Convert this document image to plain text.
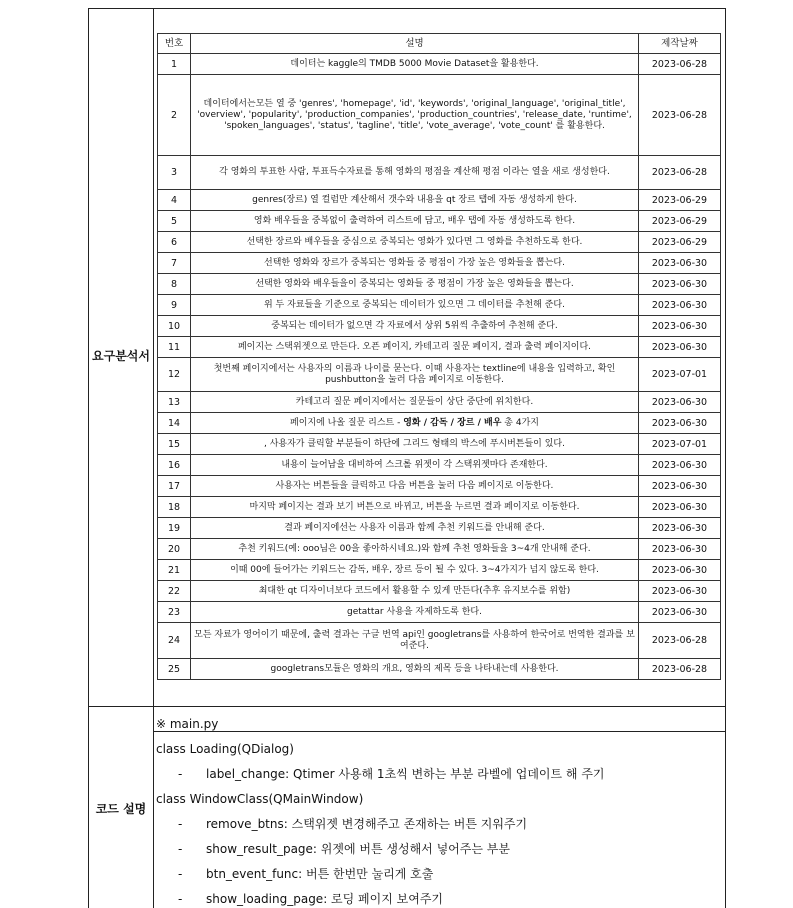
요구분석서
코드 설명
번호	설명	제작날짜
1	데이터는 kaggle의 TMDB 5000 Movie Dataset을 활용한다.	2023-06-28
2	데이터에서는모든 열 중 'genres', 'homepage', 'id', 'keywords', 'original_language', 'original_title', 'overview', 'popularity', 'production_companies', 'production_countries', 'release_date, 'runtime', 'spoken_languages', 'status', 'tagline', 'title', 'vote_average', 'vote_count' 를 활용한다.	2023-06-28
3	각 영화의 투표한 사람, 투표득수자료를 통해 영화의 평점을 계산해 평점 이라는 열을 새로 생성한다.	2023-06-28
4	genres(장르) 열 컬럼만 계산해서 갯수와 내용을 qt 장르 탭에 자동 생성하게 한다.	2023-06-29
5	영화 배우들을 중복없이 출력하여 리스트에 담고, 배우 탭에 자동 생성하도록 한다.	2023-06-29
6	선택한 장르와 배우들을 중심으로 중복되는 영화가 있다면 그 영화를 추천하도록 한다.	2023-06-29
7	선택한 영화와 장르가 중복되는 영화들 중 평점이 가장 높은 영화들을 뽑는다.	2023-06-30
8	선택한 영화와 배우들을이 중복되는 영화들 중 평점이 가장 높은 영화들을 뽑는다.	2023-06-30
9	위 두 자료들을 기준으로 중복되는 데이터가 있으면 그 데이터를 추천해 준다.	2023-06-30
10	중복되는 데이터가 없으면 각 자료에서 상위 5위씩 추출하여 추천해 준다.	2023-06-30
11	페이지는 스택위젯으로 만든다. 오픈 페이지, 카테고리 질문 페이지, 결과 출력 페이지이다.	2023-06-30
12	첫번째 페이지에서는 사용자의 이름과 나이를 묻는다. 이때 사용자는 textline에 내용을 입력하고, 확인 pushbutton을 눌러 다음 페이지로 이동한다.	2023-07-01
13	카테고리 질문 페이지에서는 질문들이 상단 중단에 위치한다.	2023-06-30
14	페이지에 나올 질문 리스트 - 영화 / 감독 / 장르 / 배우 총 4가지	2023-06-30
15	, 사용자가 클릭할 부분들이 하단에 그리드 형태의 박스에 푸시버튼들이 있다.	2023-07-01
16	내용이 늘어남을 대비하여 스크롤 위젯이 각 스택위젯마다 존재한다.	2023-06-30
17	사용자는 버튼들을 클릭하고 다음 버튼을 눌러 다음 페이지로 이동한다.	2023-06-30
18	마지막 페이지는 결과 보기 버튼으로 바뀌고, 버튼을 누르면 결과 페이지로 이동한다.	2023-06-30
19	결과 페이지에선는 사용자 이름과 함께 추천 키워드를 안내해 준다.	2023-06-30
20	추천 키워드(예: ooo님은 00을 좋아하시네요.)와 함께 추천 영화들을 3~4개 안내해 준다.	2023-06-30
21	이때 00에 들어가는 키워드는 감독, 배우, 장르 등이 될 수 있다. 3~4가지가 넘지 않도록 한다.	2023-06-30
22	최대한 qt 디자이너보다 코드에서 활용할 수 있게 만든다(추후 유지보수를 위함)	2023-06-30
23	getattar 사용을 자제하도록 한다.	2023-06-30
24	모든 자료가 영어이기 때문에, 출력 결과는 구글 번역 api인 googletrans를 사용하여 한국어로 번역한 결과를 보여준다.	2023-06-28
25	googletrans모듈은 영화의 개요, 영화의 제목 등을 나타내는데 사용한다.	2023-06-28
※ main.py
class Loading(QDialog)
- label_change: Qtimer 사용해 1초씩 변하는 부분 라벨에 업데이트 해 주기
class WindowClass(QMainWindow)
- remove_btns: 스택위젯 변경해주고 존재하는 버튼 지워주기
- show_result_page: 위젯에 버튼 생성해서 넣어주는 부분
- btn_event_func: 버튼 한번만 눌리게 호출
- show_loading_page: 로딩 페이지 보여주기
